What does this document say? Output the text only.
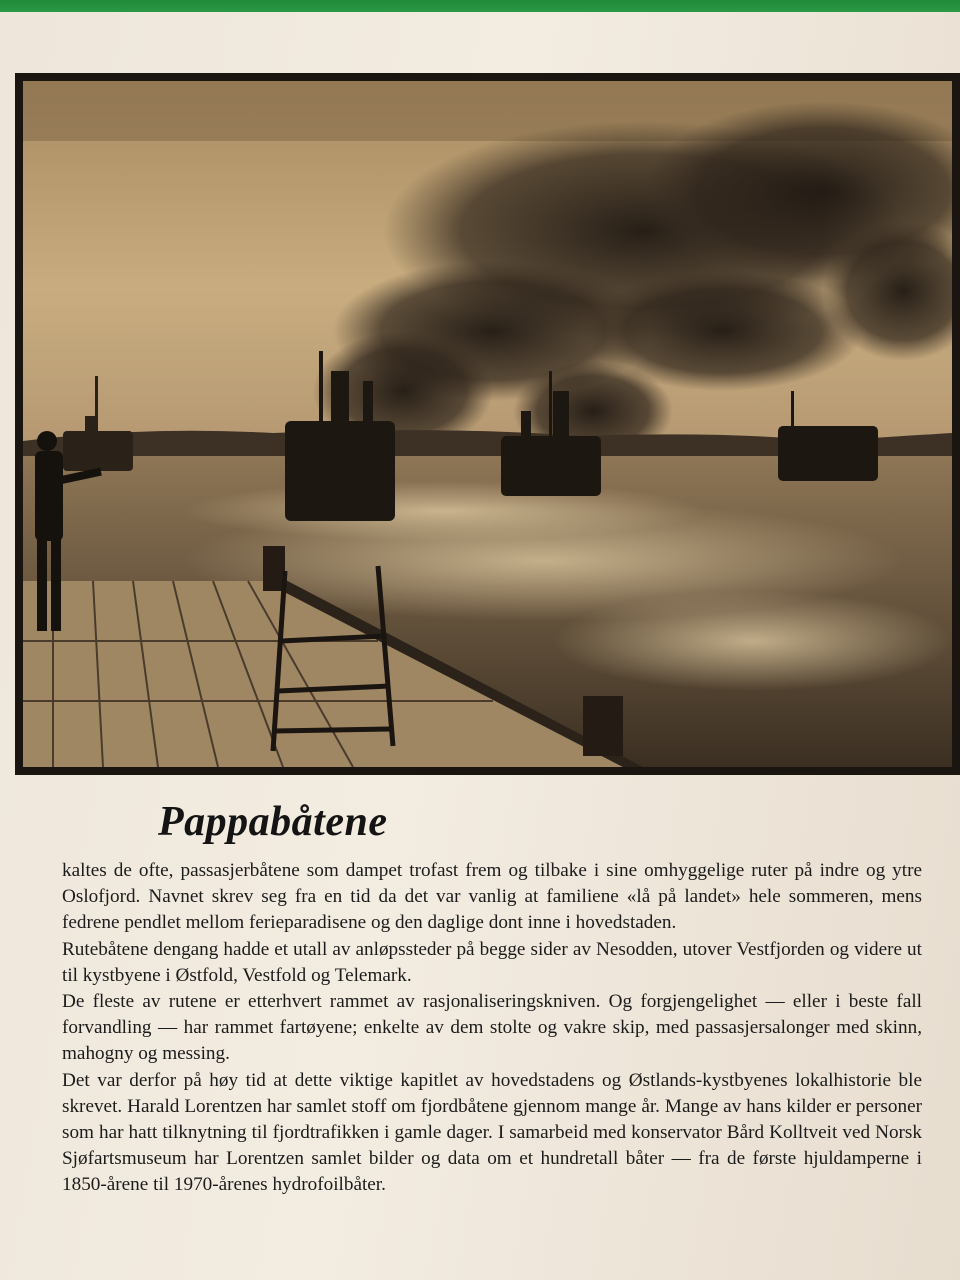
Pappabåtene

kaltes de ofte, passasjerbåtene som dampet trofast frem og tilbake i sine omhyggelige ruter på indre og ytre Oslofjord. Navnet skrev seg fra en tid da det var vanlig at familiene «lå på landet» hele sommeren, mens fedrene pendlet mellom ferieparadisene og den daglige dont inne i hovedstaden.

Rutebåtene dengang hadde et utall av anløpssteder på begge sider av Nesodden, utover Vestfjorden og videre ut til kystbyene i Østfold, Vestfold og Telemark.

De fleste av rutene er etterhvert rammet av rasjonaliseringskniven. Og forgjengelighet — eller i beste fall forvandling — har rammet fartøyene; enkelte av dem stolte og vakre skip, med passasjersalonger med skinn, mahogny og messing.

Det var derfor på høy tid at dette viktige kapitlet av hovedstadens og Østlands-kystbyenes lokalhistorie ble skrevet. Harald Lorentzen har samlet stoff om fjordbåtene gjennom mange år. Mange av hans kilder er personer som har hatt tilknytning til fjordtrafikken i gamle dager. I samarbeid med konservator Bård Kolltveit ved Norsk Sjøfartsmuseum har Lorentzen samlet bilder og data om et hundretall båter — fra de første hjuldamperne i 1850-årene til 1970-årenes hydrofoilbåter.
